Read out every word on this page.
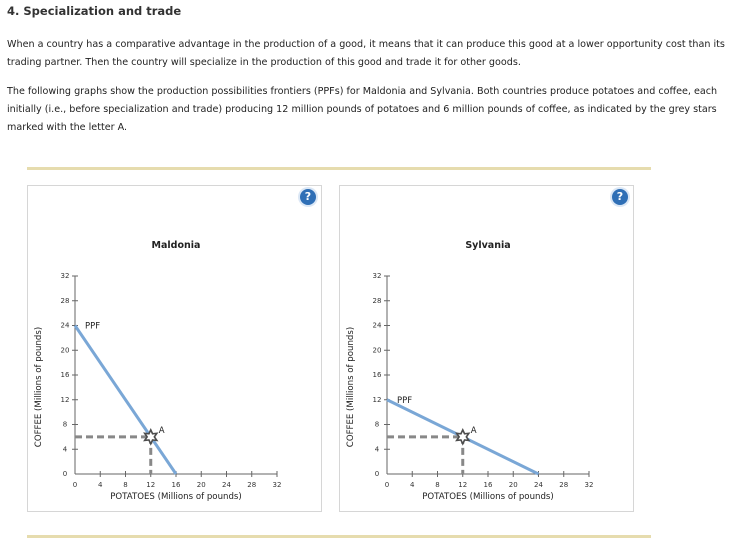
4. Specialization and trade

When a country has a comparative advantage in the production of a good, it means that it can produce this good at a lower opportunity cost than its trading partner. Then the country will specialize in the production of this good and trade it for other goods.

The following graphs show the production possibilities frontiers (PPFs) for Maldonia and Sylvania. Both countries produce potatoes and coffee, each initially (i.e., before specialization and trade) producing 12 million pounds of potatoes and 6 million pounds of coffee, as indicated by the grey stars marked with the letter A.

?
Maldonia
0
4
8
12
16
20
24
28
32
0	4	8	12 16 20 24 28 32
POTATOES (Millions of pounds)
COFFEE (Millions of pounds)
PPF
A
?
Sylvania
0
4
8
12
16
20
24
28
32
0	4	8	12 16 20 24 28 32
POTATOES (Millions of pounds)
COFFEE (Millions of pounds)	PPF
A
